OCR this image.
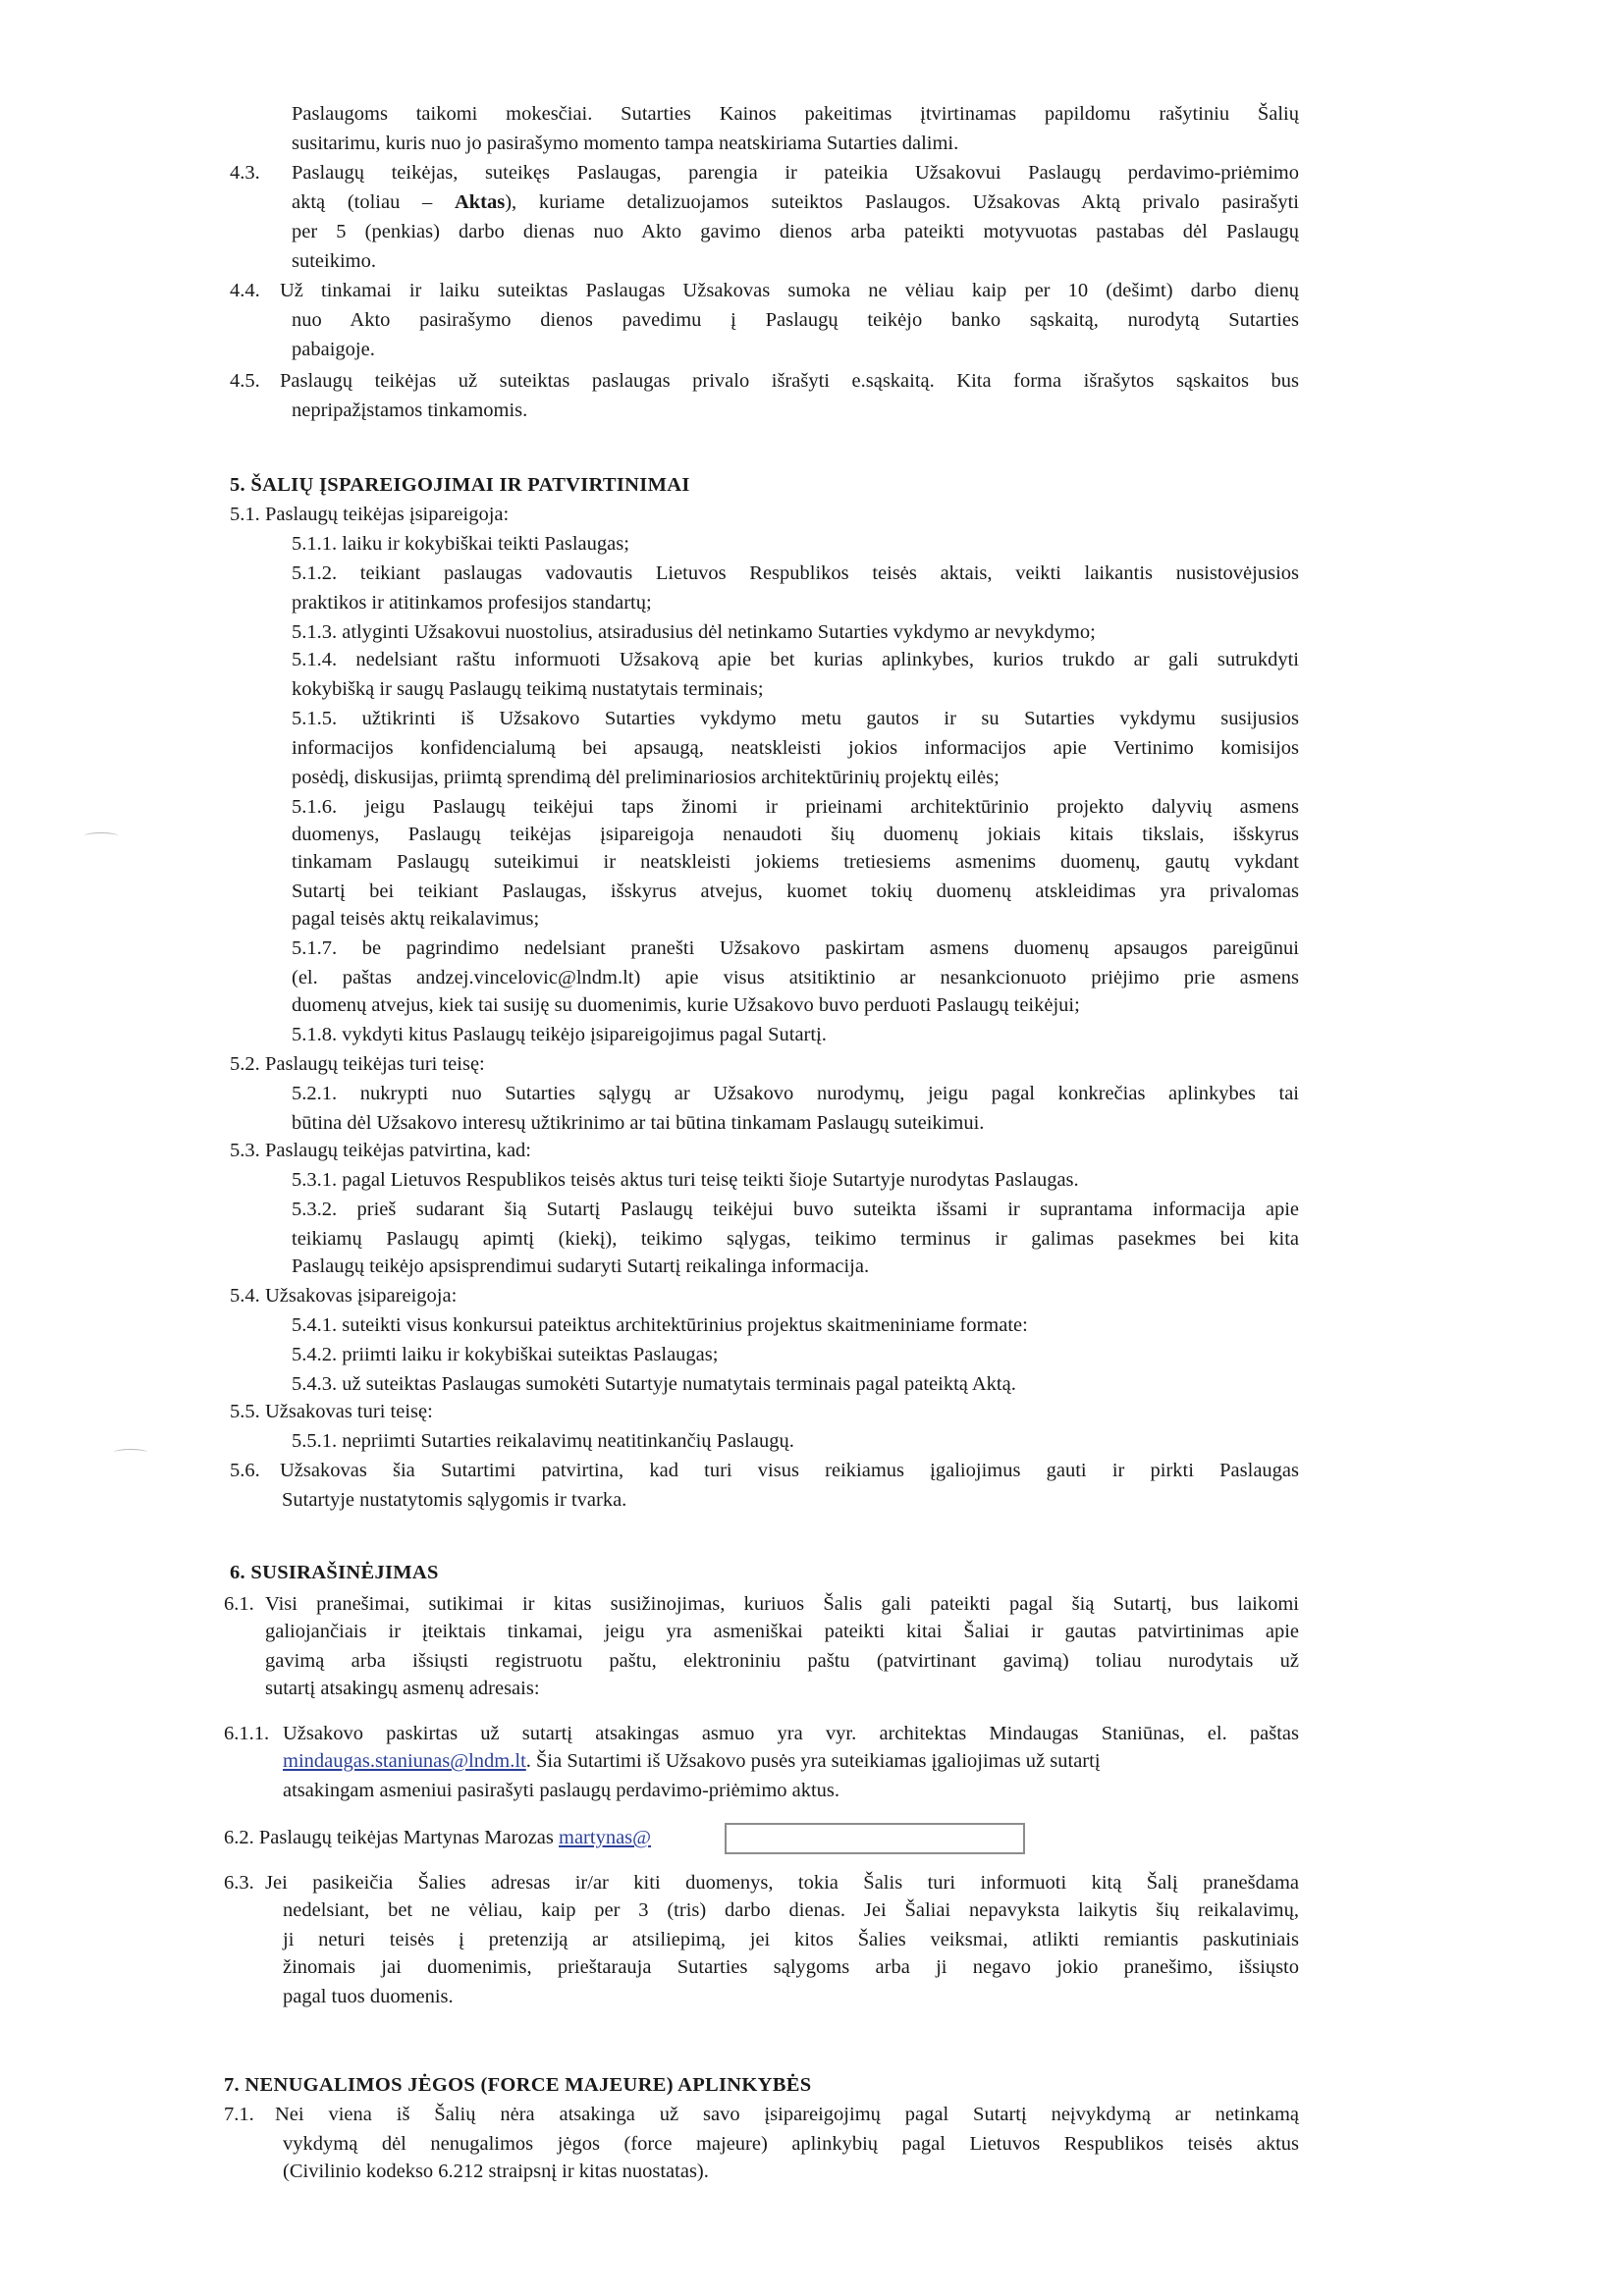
Paslaugoms taikomi mokesčiai. Sutarties Kainos pakeitimas įtvirtinamas papildomu rašytiniu Šalių

susitarimu, kuris nuo jo pasirašymo momento tampa neatskiriama Sutarties dalimi.

4.3. Paslaugų teikėjas, suteikęs Paslaugas, parengia ir pateikia Užsakovui Paslaugų perdavimo-priėmimo

aktą (toliau – Aktas), kuriame detalizuojamos suteiktos Paslaugos. Užsakovas Aktą privalo pasirašyti

per 5 (penkias) darbo dienas nuo Akto gavimo dienos arba pateikti motyvuotas pastabas dėl Paslaugų

suteikimo.

4.4. Už tinkamai ir laiku suteiktas Paslaugas Užsakovas sumoka ne vėliau kaip per 10 (dešimt) darbo dienų

nuo Akto pasirašymo dienos pavedimu į Paslaugų teikėjo banko sąskaitą, nurodytą Sutarties

pabaigoje.

4.5. Paslaugų teikėjas už suteiktas paslaugas privalo išrašyti e.sąskaitą. Kita forma išrašytos sąskaitos bus

nepripažįstamos tinkamomis.

5. ŠALIŲ ĮSPAREIGOJIMAI IR PATVIRTINIMAI

5.1. Paslaugų teikėjas įsipareigoja:

5.1.1. laiku ir kokybiškai teikti Paslaugas;

5.1.2. teikiant paslaugas vadovautis Lietuvos Respublikos teisės aktais, veikti laikantis nusistovėjusios

praktikos ir atitinkamos profesijos standartų;

5.1.3. atlyginti Užsakovui nuostolius, atsiradusius dėl netinkamo Sutarties vykdymo ar nevykdymo;

5.1.4. nedelsiant raštu informuoti Užsakovą apie bet kurias aplinkybes, kurios trukdo ar gali sutrukdyti

kokybišką ir saugų Paslaugų teikimą nustatytais terminais;

5.1.5. užtikrinti iš Užsakovo Sutarties vykdymo metu gautos ir su Sutarties vykdymu susijusios

informacijos konfidencialumą bei apsaugą, neatskleisti jokios informacijos apie Vertinimo komisijos

posėdį, diskusijas, priimtą sprendimą dėl preliminariosios architektūrinių projektų eilės;

5.1.6. jeigu Paslaugų teikėjui taps žinomi ir prieinami architektūrinio projekto dalyvių asmens

duomenys, Paslaugų teikėjas įsipareigoja nenaudoti šių duomenų jokiais kitais tikslais, išskyrus

tinkamam Paslaugų suteikimui ir neatskleisti jokiems tretiesiems asmenims duomenų, gautų vykdant

Sutartį bei teikiant Paslaugas, išskyrus atvejus, kuomet tokių duomenų atskleidimas yra privalomas

pagal teisės aktų reikalavimus;

5.1.7. be pagrindimo nedelsiant pranešti Užsakovo paskirtam asmens duomenų apsaugos pareigūnui

(el. paštas andzej.vincelovic@lndm.lt) apie visus atsitiktinio ar nesankcionuoto priėjimo prie asmens

duomenų atvejus, kiek tai susiję su duomenimis, kurie Užsakovo buvo perduoti Paslaugų teikėjui;

5.1.8. vykdyti kitus Paslaugų teikėjo įsipareigojimus pagal Sutartį.

5.2. Paslaugų teikėjas turi teisę:

5.2.1. nukrypti nuo Sutarties sąlygų ar Užsakovo nurodymų, jeigu pagal konkrečias aplinkybes tai

būtina dėl Užsakovo interesų užtikrinimo ar tai būtina tinkamam Paslaugų suteikimui.

5.3. Paslaugų teikėjas patvirtina, kad:

5.3.1. pagal Lietuvos Respublikos teisės aktus turi teisę teikti šioje Sutartyje nurodytas Paslaugas.

5.3.2. prieš sudarant šią Sutartį Paslaugų teikėjui buvo suteikta išsami ir suprantama informacija apie

teikiamų Paslaugų apimtį (kiekį), teikimo sąlygas, teikimo terminus ir galimas pasekmes bei kita

Paslaugų teikėjo apsisprendimui sudaryti Sutartį reikalinga informacija.

5.4. Užsakovas įsipareigoja:

5.4.1. suteikti visus konkursui pateiktus architektūrinius projektus skaitmeniniame formate:

5.4.2. priimti laiku ir kokybiškai suteiktas Paslaugas;

5.4.3. už suteiktas Paslaugas sumokėti Sutartyje numatytais terminais pagal pateiktą Aktą.

5.5. Užsakovas turi teisę:

5.5.1. nepriimti Sutarties reikalavimų neatitinkančių Paslaugų.

5.6. Užsakovas šia Sutartimi patvirtina, kad turi visus reikiamus įgaliojimus gauti ir pirkti Paslaugas

Sutartyje nustatytomis sąlygomis ir tvarka.

6. SUSIRAŠINĖJIMAS

6.1. Visi pranešimai, sutikimai ir kitas susižinojimas, kuriuos Šalis gali pateikti pagal šią Sutartį, bus laikomi

galiojančiais ir įteiktais tinkamai, jeigu yra asmeniškai pateikti kitai Šaliai ir gautas patvirtinimas apie

gavimą arba išsiųsti registruotu paštu, elektroniniu paštu (patvirtinant gavimą) toliau nurodytais už

sutartį atsakingų asmenų adresais:

6.1.1. Užsakovo paskirtas už sutartį atsakingas asmuo yra vyr. architektas Mindaugas Staniūnas, el. paštas

mindaugas.staniunas@lndm.lt. Šia Sutartimi iš Užsakovo pusės yra suteikiamas įgaliojimas už sutartį

atsakingam asmeniui pasirašyti paslaugų perdavimo-priėmimo aktus.

6.2. Paslaugų teikėjas Martynas Marozas martynas@

6.3. Jei pasikeičia Šalies adresas ir/ar kiti duomenys, tokia Šalis turi informuoti kitą Šalį pranešdama

nedelsiant, bet ne vėliau, kaip per 3 (tris) darbo dienas. Jei Šaliai nepavyksta laikytis šių reikalavimų,

ji neturi teisės į pretenziją ar atsiliepimą, jei kitos Šalies veiksmai, atlikti remiantis paskutiniais

žinomais jai duomenimis, prieštarauja Sutarties sąlygoms arba ji negavo jokio pranešimo, išsiųsto

pagal tuos duomenis.

7. NENUGALIMOS JĖGOS (FORCE MAJEURE) APLINKYBĖS

7.1. Nei viena iš Šalių nėra atsakinga už savo įsipareigojimų pagal Sutartį neįvykdymą ar netinkamą

vykdymą dėl nenugalimos jėgos (force majeure) aplinkybių pagal Lietuvos Respublikos teisės aktus

(Civilinio kodekso 6.212 straipsnį ir kitas nuostatas).
